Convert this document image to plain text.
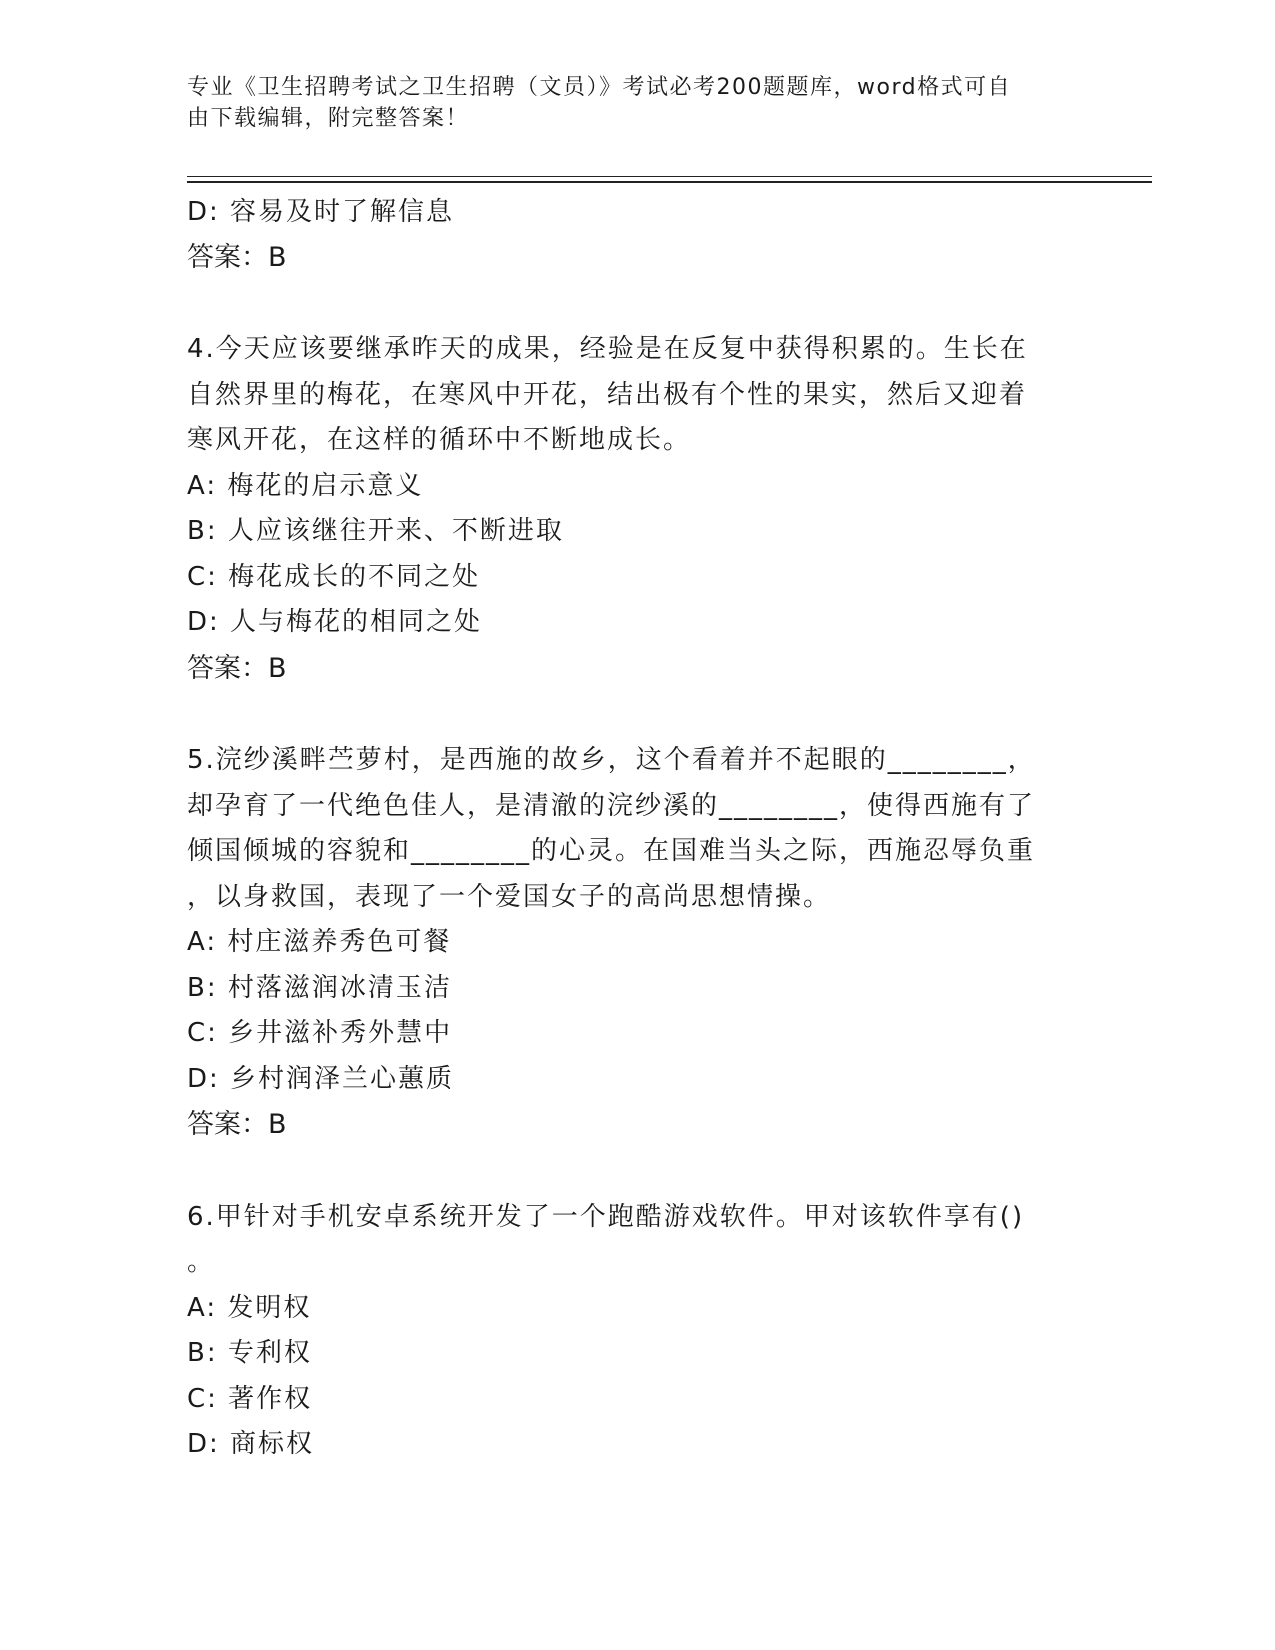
专业《卫生招聘考试之卫生招聘（文员）》考试必考200题题库，word格式可自
由下载编辑，附完整答案！
D: 容易及时了解信息
答案：B
4.今天应该要继承昨天的成果，经验是在反复中获得积累的。生长在
自然界里的梅花，在寒风中开花，结出极有个性的果实，然后又迎着
寒风开花，在这样的循环中不断地成长。
A: 梅花的启示意义
B: 人应该继往开来、不断进取
C: 梅花成长的不同之处
D: 人与梅花的相同之处
答案：B
5.浣纱溪畔苎萝村，是西施的故乡，这个看着并不起眼的________，
却孕育了一代绝色佳人，是清澈的浣纱溪的________，使得西施有了
倾国倾城的容貌和________的心灵。在国难当头之际，西施忍辱负重
，以身救国，表现了一个爱国女子的高尚思想情操。
A: 村庄滋养秀色可餐
B: 村落滋润冰清玉洁
C: 乡井滋补秀外慧中
D: 乡村润泽兰心蕙质
答案：B
6.甲针对手机安卓系统开发了一个跑酷游戏软件。甲对该软件享有()
。
A: 发明权
B: 专利权
C: 著作权
D: 商标权
